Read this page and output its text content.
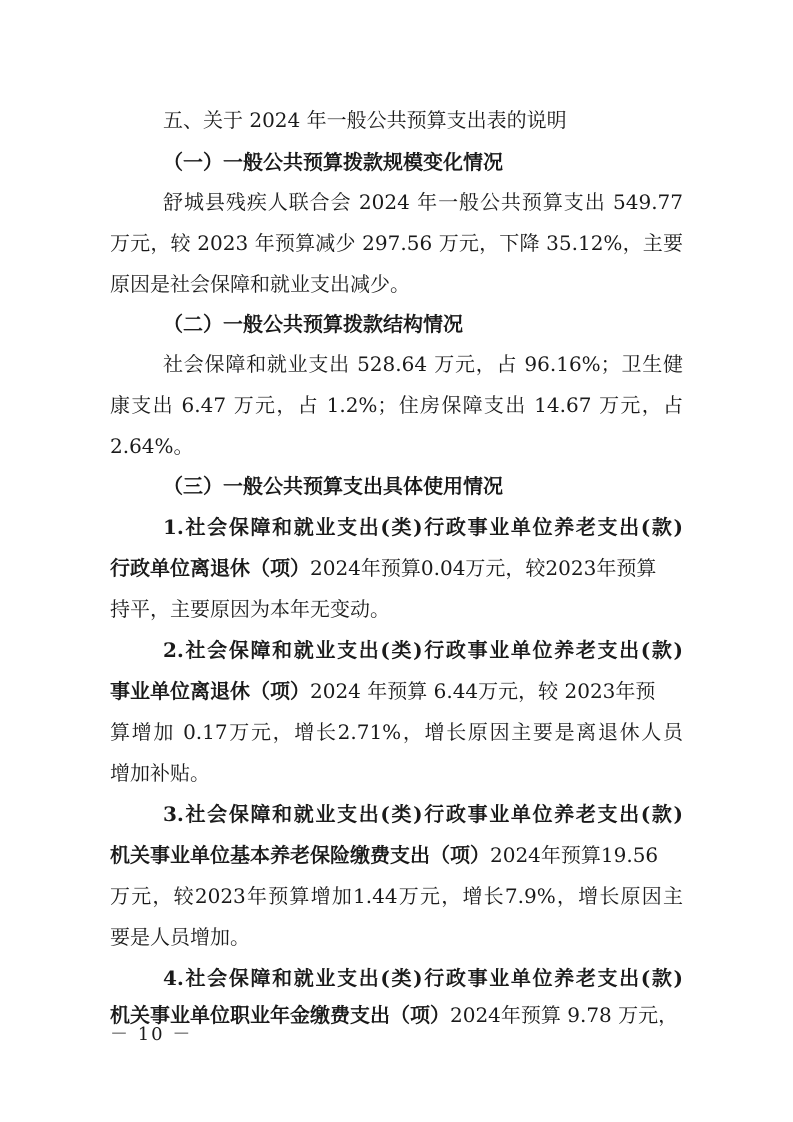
五、关于 2024 年一般公共预算支出表的说明
（一）一般公共预算拨款规模变化情况
舒城县残疾人联合会 2024 年一般公共预算支出 549.77
万元，较 2023 年预算减少 297.56 万元，下降 35.12%，主要
原因是社会保障和就业支出减少。
（二）一般公共预算拨款结构情况
社会保障和就业支出 528.64 万元，占 96.16%；卫生健
康支出 6.47 万元，占 1.2%；住房保障支出 14.67 万元，占
2.64%。
（三）一般公共预算支出具体使用情况
1.社会保障和就业支出(类)行政事业单位养老支出(款)
行政单位离退休（项）2024年预算0.04万元，较2023年预算
持平，主要原因为本年无变动。
2.社会保障和就业支出(类)行政事业单位养老支出(款)
事业单位离退休（项）2024 年预算 6.44万元，较 2023年预
算增加 0.17万元，增长2.71%，增长原因主要是离退休人员
增加补贴。
3.社会保障和就业支出(类)行政事业单位养老支出(款)
机关事业单位基本养老保险缴费支出（项）2024年预算19.56
万元，较2023年预算增加1.44万元，增长7.9%，增长原因主
要是人员增加。
4.社会保障和就业支出(类)行政事业单位养老支出(款)
机关事业单位职业年金缴费支出（项）2024年预算 9.78 万元，
－ 10 －
